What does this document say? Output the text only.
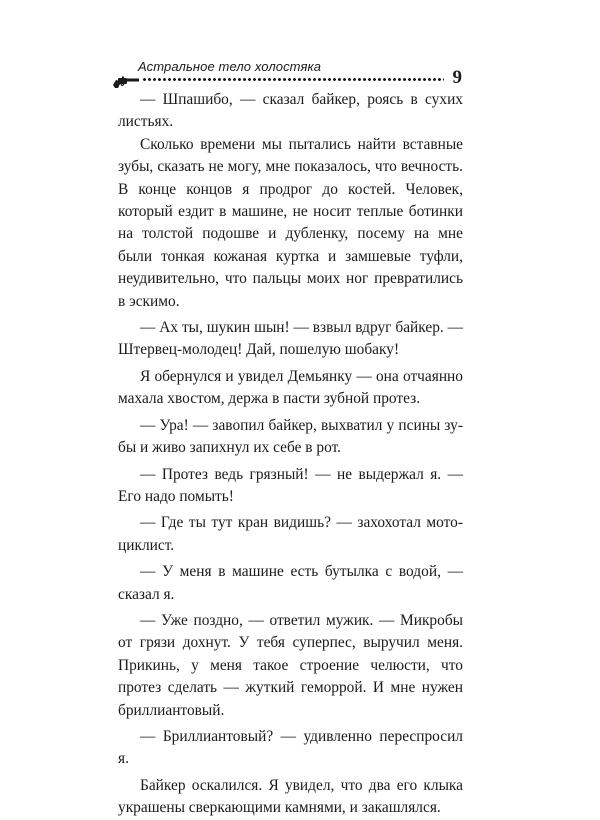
Астральное тело холостяка
9

— Шпашибо, — сказал байкер, роясь в сухих листьях.

Сколько времени мы пытались найти вставные зубы, сказать не могу, мне показалось, что вечность. В конце концов я продрог до костей. Человек, который ездит в машине, не носит теплые ботинки на толстой подошве и дубленку, посему на мне были тонкая кожаная куртка и замшевые туфли, неудивительно, что пальцы моих ног превратились в эскимо.

— Ах ты, шукин шын! — взвыл вдруг байкер. — Штервец-молодец! Дай, пошелую шобаку!

Я обернулся и увидел Демьянку — она отчаянно махала хвостом, держа в пасти зубной протез.

— Ура! — завопил байкер, выхватил у псины зубы и живо запихнул их себе в рот.

— Протез ведь грязный! — не выдержал я. — Его надо помыть!

— Где ты тут кран видишь? — захохотал мотоциклист.

— У меня в машине есть бутылка с водой, — сказал я.

— Уже поздно, — ответил мужик. — Микробы от грязи дохнут. У тебя суперпес, выручил меня. Прикинь, у меня такое строение челюсти, что протез сделать — жуткий геморрой. И мне нужен бриллиантовый.

— Бриллиантовый? — удивленно переспросил я.

Байкер оскалился. Я увидел, что два его клыка украшены сверкающими камнями, и закашлялся.
